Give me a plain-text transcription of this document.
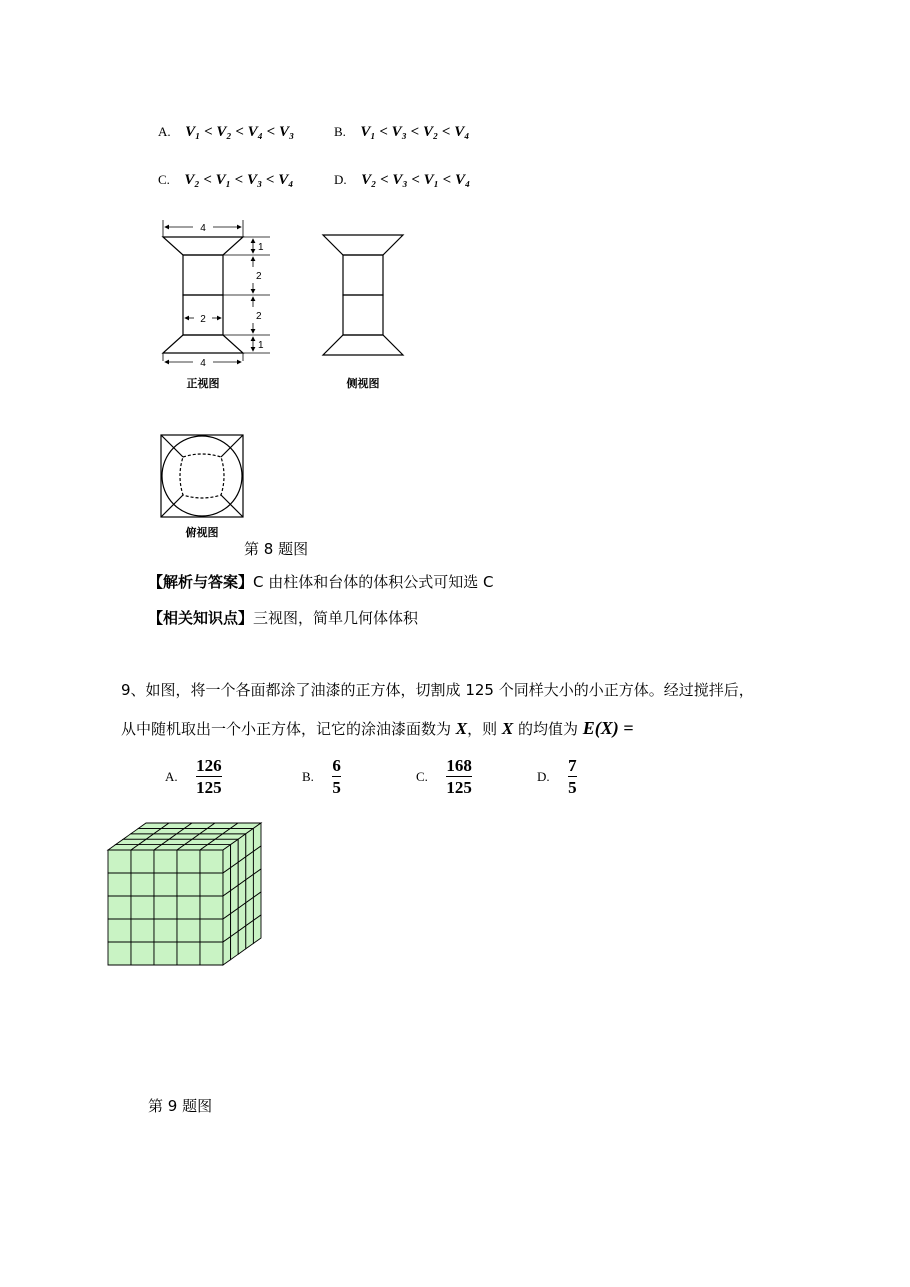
A. V₁ < V₂ < V₄ < V₃	B. V₁ < V₃ < V₂ < V₄
C. V₂ < V₁ < V₃ < V₄	D. V₂ < V₃ < V₁ < V₄
4
2
4
1
2
2
1
正视图	侧视图
俯视图
第 8 题图
【解析与答案】C 由柱体和台体的体积公式可知选 C
【相关知识点】三视图，简单几何体体积
9、如图，将一个各面都涂了油漆的正方体，切割成 125 个同样大小的小正方体。经过搅拌后，
从中随机取出一个小正方体，记它的涂油漆面数为 X，则 X 的均值为 E(X) =
A. $\frac{126}{125}$	B. $\frac{6}{5}$	C. $\frac{168}{125}$	D. $\frac{7}{5}$
第 9 题图
